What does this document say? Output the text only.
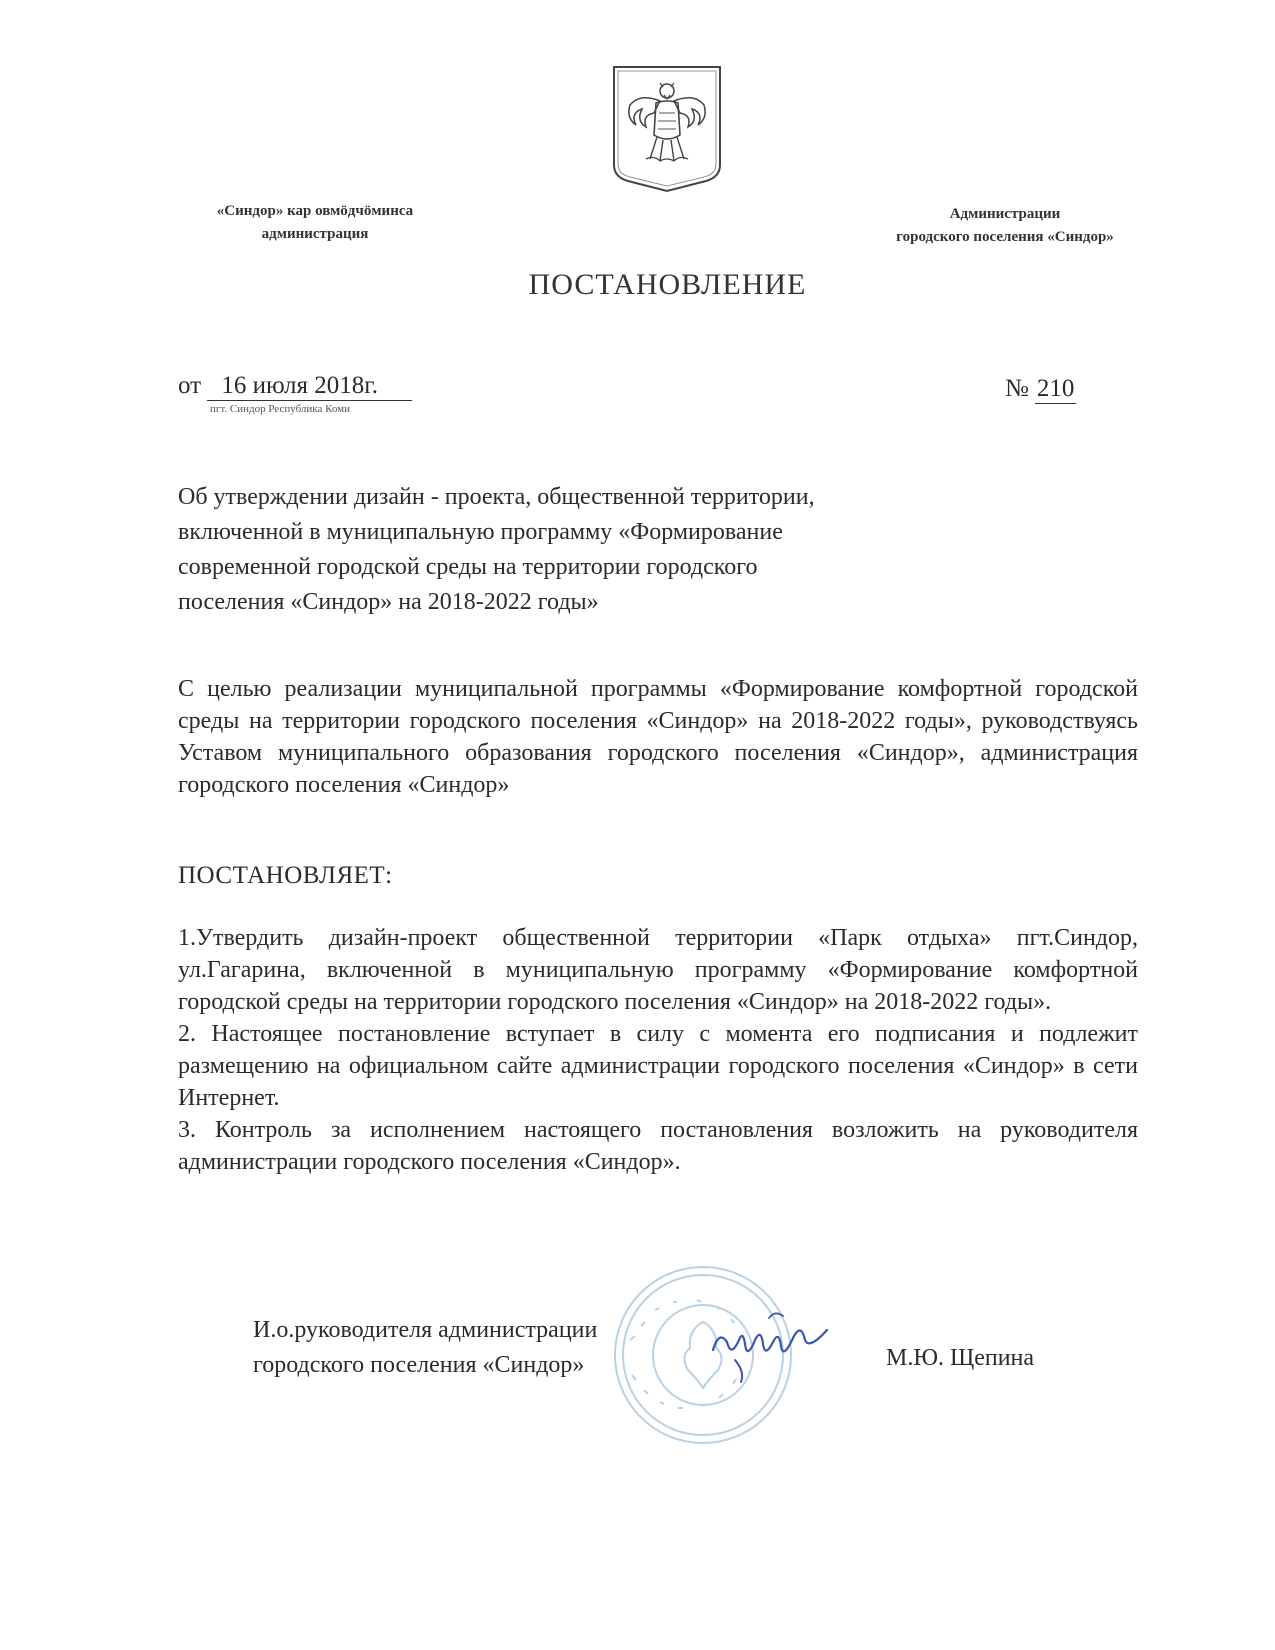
«Синдор» кар овмӧдчӧминса
администрация
Администрации
городского поселения «Синдор»
ПОСТАНОВЛЕНИЕ
от 16 июля 2018г.
пгт. Синдор Республика Коми
№ 210
Об утверждении дизайн - проекта, общественной территории,
включенной в муниципальную программу «Формирование
современной городской среды на территории городского
поселения «Синдор» на 2018-2022 годы»
С целью реализации муниципальной программы «Формирование комфортной городской среды на территории городского поселения «Синдор» на 2018-2022 годы», руководствуясь Уставом муниципального образования городского поселения «Синдор», администрация городского поселения «Синдор»
ПОСТАНОВЛЯЕТ:

1.Утвердить дизайн-проект общественной территории «Парк отдыха» пгт.Синдор, ул.Гагарина, включенной в муниципальную программу «Формирование комфортной городской среды на территории городского поселения «Синдор» на 2018-2022 годы».

2. Настоящее постановление вступает в силу с момента его подписания и подлежит размещению на официальном сайте администрации городского поселения «Синдор» в сети Интернет.

3. Контроль за исполнением настоящего постановления возложить на руководителя администрации городского поселения «Синдор».

И.о.руководителя администрации
городского поселения «Синдор»	М.Ю. Щепина
